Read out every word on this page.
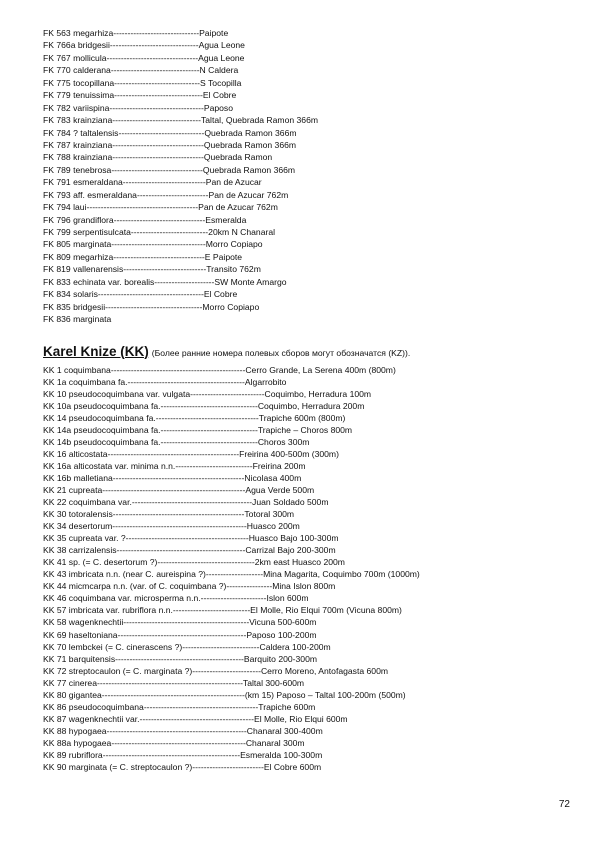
FK 563 megarhiza------------------------------Paipote
FK 766a bridgesii-------------------------------Agua Leone
FK 767 mollicula--------------------------------Agua Leone
FK 770 calderana-------------------------------N Caldera
FK 775 tocopillana------------------------------S Tocopilla
FK 779 tenuissima-------------------------------El Cobre
FK 782 variispina---------------------------------Paposo
FK 783 krainziana-------------------------------Taltal, Quebrada Ramon 366m
FK 784 ? taltalensis------------------------------Quebrada Ramon 366m
FK 787 krainziana--------------------------------Quebrada Ramon 366m
FK 788 krainziana--------------------------------Quebrada Ramon
FK 789 tenebrosa--------------------------------Quebrada Ramon 366m
FK 791 esmeraldana-----------------------------Pan de Azucar
FK 793 aff. esmeraldana-------------------------Pan de Azucar 762m
FK 794 laui---------------------------------------Pan de Azucar 762m
FK 796 grandiflora--------------------------------Esmeralda
FK 799 serpentisulcata---------------------------20km N Chanaral
FK 805 marginata---------------------------------Morro Copiapo
FK 809 megarhiza--------------------------------E Paipote
FK 819 vallenarensis-----------------------------Transito 762m
FK 833 echinata var. borealis---------------------SW Monte Amargo
FK 834 solaris-------------------------------------El Cobre
FK 835 bridgesii----------------------------------Morro Copiapo
FK 836 marginata
Karel Knize (KK) (Более ранние номера полевых сборов могут обозначатся (KZ)).
KK 1 coquimbana-----------------------------------------------Cerro Grande, La Serena 400m (800m)
KK 1a coquimbana fa.-----------------------------------------Algarrobito
KK 10 pseudocoquimbana var. vulgata--------------------------Coquimbo, Herradura 100m
KK 10a pseudocoquimbana fa.----------------------------------Coquimbo, Herradura 200m
KK 14 pseudocoquimbana fa.------------------------------------Trapiche 600m (800m)
KK 14a pseudocoquimbana fa.----------------------------------Trapiche – Choros 800m
KK 14b pseudocoquimbana fa.----------------------------------Choros 300m
KK 16 alticostata----------------------------------------------Freirina 400-500m (300m)
KK 16a alticostata var. minima n.n.---------------------------Freirina 200m
KK 16b malletiana----------------------------------------------Nicolasa 400m
KK 21 cupreata--------------------------------------------------Agua Verde 500m
KK 22 coquimbana var.------------------------------------------Juan Soldado 500m
KK 30 totoralensis----------------------------------------------Totoral 300m
KK 34 desertorum-----------------------------------------------Huasco 200m
KK 35 cupreata var. ?-------------------------------------------Huasco Bajo 100-300m
KK 38 carrizalensis---------------------------------------------Carrizal Bajo 200-300m
KK 41 sp. (= C. desertorum ?)----------------------------------2km east Huasco 200m
KK 43 imbricata n.n. (near C. aureispina ?)--------------------Mina Magarita, Coquimbo 700m (1000m)
KK 44 micmcarpa n.n. (var. of C. coquimbana ?)----------------Mina Islon 800m
KK 46 coquimbana var. microsperma n.n.-----------------------Islon 600m
KK 57 imbricata var. rubriflora n.n.---------------------------El Molle, Rio Elqui 700m (Vicuna 800m)
KK 58 wagenknechtii--------------------------------------------Vicuna 500-600m
KK 69 haseltoniana---------------------------------------------Paposo 100-200m
KK 70 lembckei (= C. cinerascens ?)---------------------------Caldera 100-200m
KK 71 barquitensis---------------------------------------------Barquito 200-300m
KK 72 streptocaulon (= C. marginata ?)------------------------Cerro Moreno, Antofagasta 600m
KK 77 cinerea---------------------------------------------------Taltal 300-600m
KK 80 gigantea--------------------------------------------------(km 15) Paposo – Taltal 100-200m (500m)
KK 86 pseudocoquimbana----------------------------------------Trapiche 600m
KK 87 wagenknechtii var.----------------------------------------El Molle, Rio Elqui 600m
KK 88 hypogaea-------------------------------------------------Chanaral 300-400m
KK 88a hypogaea-----------------------------------------------Chanaral 300m
KK 89 rubriflora------------------------------------------------Esmeralda 100-300m
KK 90 marginata (= C. streptocaulon ?)-------------------------El Cobre 600m
72
